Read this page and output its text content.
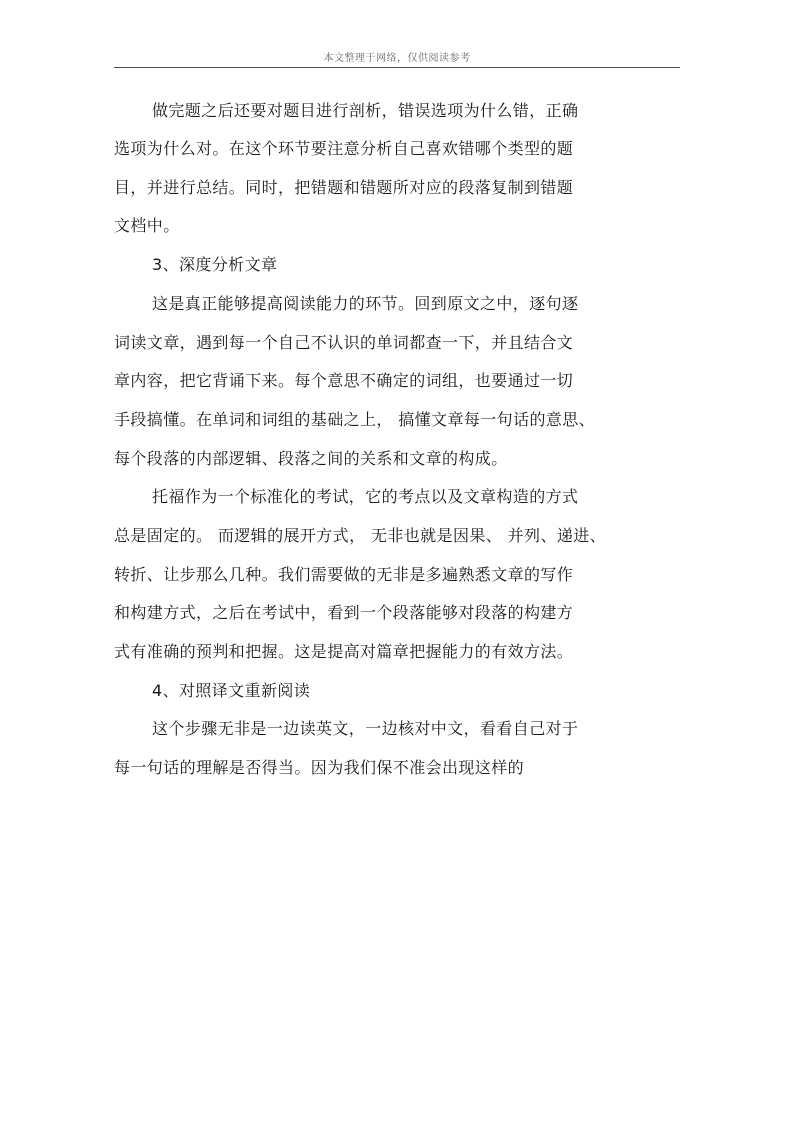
本文整理于网络，仅供阅读参考
做完题之后还要对题目进行剖析，错误选项为什么错，正确
选项为什么对。在这个环节要注意分析自己喜欢错哪个类型的题
目，并进行总结。同时，把错题和错题所对应的段落复制到错题
文档中。
3、深度分析文章
这是真正能够提高阅读能力的环节。回到原文之中，逐句逐
词读文章，遇到每一个自己不认识的单词都查一下，并且结合文
章内容，把它背诵下来。每个意思不确定的词组，也要通过一切
手段搞懂。在单词和词组的基础之上， 搞懂文章每一句话的意思、
每个段落的内部逻辑、段落之间的关系和文章的构成。
托福作为一个标准化的考试，它的考点以及文章构造的方式
总是固定的。 而逻辑的展开方式， 无非也就是因果、 并列、递进、
转折、让步那么几种。我们需要做的无非是多遍熟悉文章的写作
和构建方式，之后在考试中，看到一个段落能够对段落的构建方
式有准确的预判和把握。这是提高对篇章把握能力的有效方法。
4、对照译文重新阅读
这个步骤无非是一边读英文，一边核对中文，看看自己对于
每一句话的理解是否得当。因为我们保不准会出现这样的
